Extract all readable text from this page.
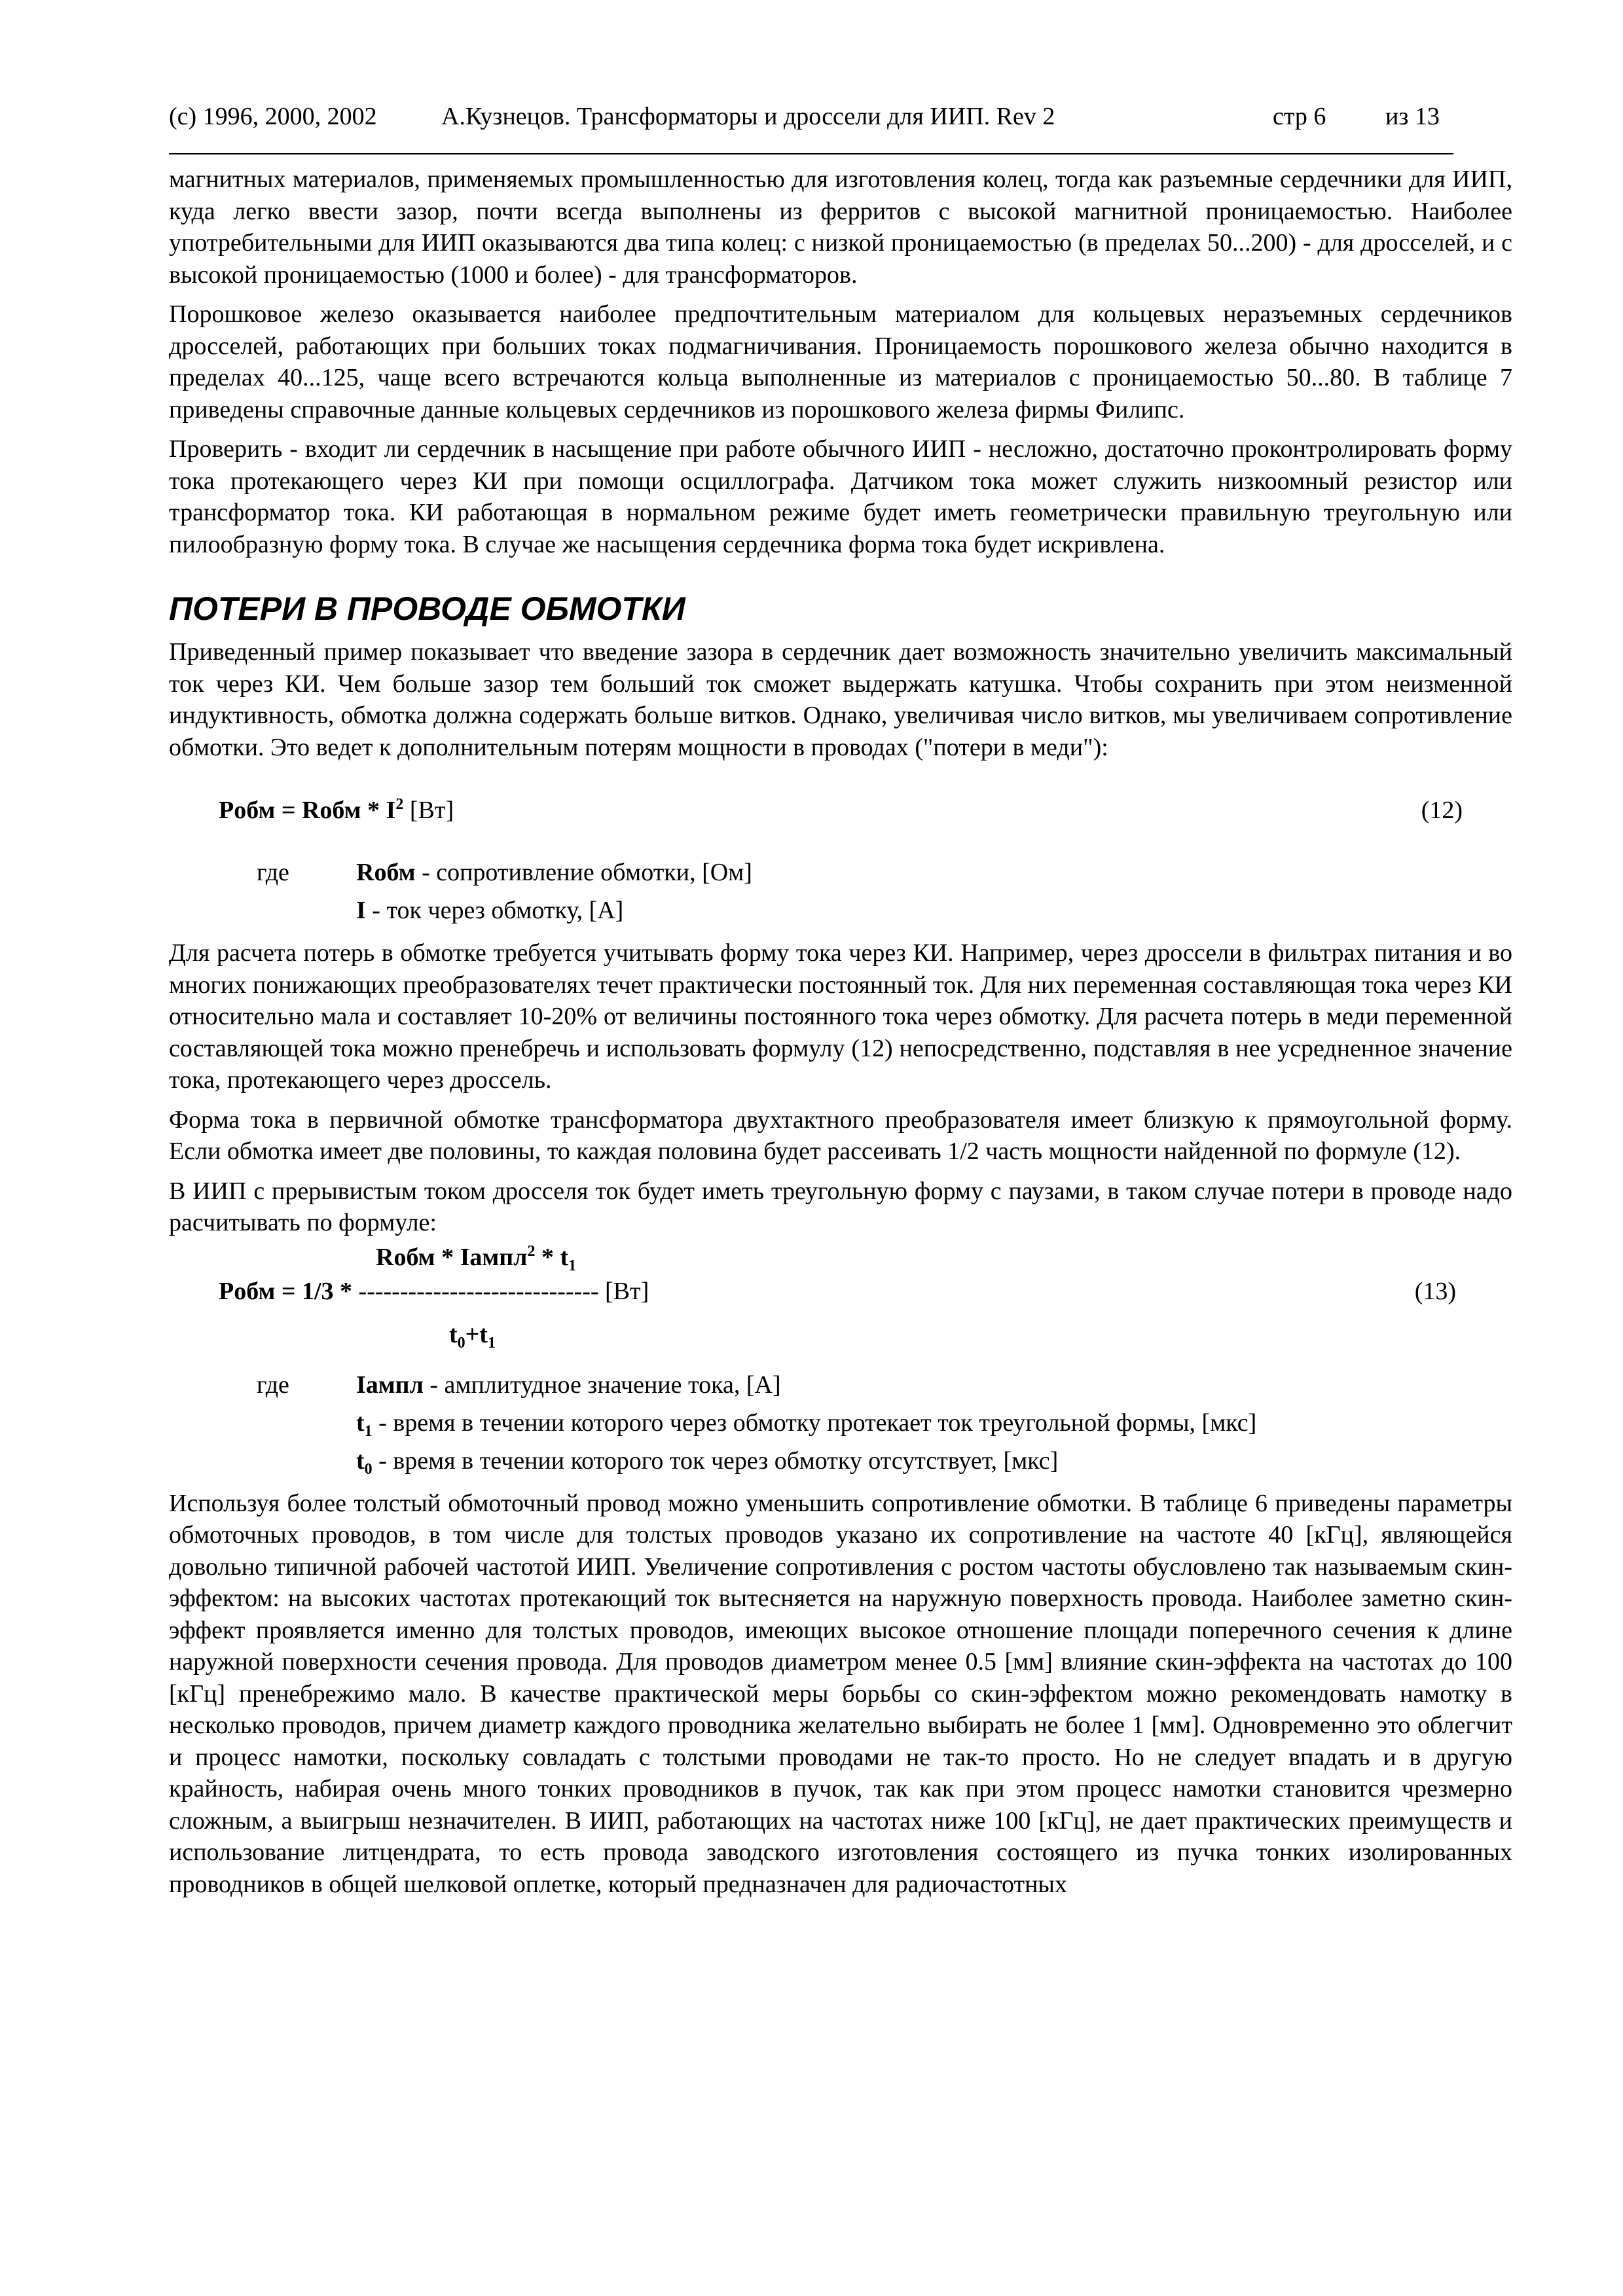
(c) 1996, 2000, 2002	А.Кузнецов. Трансформаторы и дроссели для ИИП. Rev 2	стр 6 из 13

магнитных материалов, применяемых промышленностью для изготовления колец, тогда как разъемные сердечники для ИИП, куда легко ввести зазор, почти всегда выполнены из ферритов с высокой магнитной проницаемостью. Наиболее употребительными для ИИП оказываются два типа колец: с низкой проницаемостью (в пределах 50...200) - для дросселей, и с высокой проницаемостью (1000 и более) - для трансформаторов.

Порошковое железо оказывается наиболее предпочтительным материалом для кольцевых неразъемных сердечников дросселей, работающих при больших токах подмагничивания. Проницаемость порошкового железа обычно находится в пределах 40...125, чаще всего встречаются кольца выполненные из материалов с проницаемостью 50...80. В таблице 7 приведены справочные данные кольцевых сердечников из порошкового железа фирмы Филипс.

Проверить - входит ли сердечник в насыщение при работе обычного ИИП - несложно, достаточно проконтролировать форму тока протекающего через КИ при помощи осциллографа. Датчиком тока может служить низкоомный резистор или трансформатор тока. КИ работающая в нормальном режиме будет иметь геометрически правильную треугольную или пилообразную форму тока. В случае же насыщения сердечника форма тока будет искривлена.

ПОТЕРИ В ПРОВОДЕ ОБМОТКИ

Приведенный пример показывает что введение зазора в сердечник дает возможность значительно увеличить максимальный ток через КИ. Чем больше зазор тем больший ток сможет выдержать катушка. Чтобы сохранить при этом неизменной индуктивность, обмотка должна содержать больше витков. Однако, увеличивая число витков, мы увеличиваем сопротивление обмотки. Это ведет к дополнительным потерям мощности в проводах ("потери в меди"):

Pобм = Rобм * $I^2$ [Вт]	(12)
где	Rобм - сопротивление обмотки, [Ом]
I - ток через обмотку, [А]

Для расчета потерь в обмотке требуется учитывать форму тока через КИ. Например, через дроссели в фильтрах питания и во многих понижающих преобразователях течет практически постоянный ток. Для них переменная составляющая тока через КИ относительно мала и составляет 10-20% от величины постоянного тока через обмотку. Для расчета потерь в меди переменной составляющей тока можно пренебречь и использовать формулу (12) непосредственно, подставляя в нее усредненное значение тока, протекающего через дроссель.

Форма тока в первичной обмотке трансформатора двухтактного преобразователя имеет близкую к прямоугольной форму. Если обмотка имеет две половины, то каждая половина будет рассеивать 1/2 часть мощности найденной по формуле (12).

В ИИП с прерывистым током дросселя ток будет иметь треугольную форму с паузами, в таком случае потери в проводе надо расчитывать по формуле:

Rобм * Iампл$^2$ * $t_1$
Pобм = 1/3 * ----------------------------- [Вт]
$t_0+t_1$
(13)
где	Iампл - амплитудное значение тока, [А]
$t_1$ - время в течении которого через обмотку протекает ток треугольной формы, [мкс]
$t_0$ - время в течении которого ток через обмотку отсутствует, [мкс]

Используя более толстый обмоточный провод можно уменьшить сопротивление обмотки. В таблице 6 приведены параметры обмоточных проводов, в том числе для толстых проводов указано их сопротивление на частоте 40 [кГц], являющейся довольно типичной рабочей частотой ИИП. Увеличение сопротивления с ростом частоты обусловлено так называемым скин-эффектом: на высоких частотах протекающий ток вытесняется на наружную поверхность провода. Наиболее заметно скин-эффект проявляется именно для толстых проводов, имеющих высокое отношение площади поперечного сечения к длине наружной поверхности сечения провода. Для проводов диаметром менее 0.5 [мм] влияние скин-эффекта на частотах до 100 [кГц] пренебрежимо мало. В качестве практической меры борьбы со скин-эффектом можно рекомендовать намотку в несколько проводов, причем диаметр каждого проводника желательно выбирать не более 1 [мм]. Одновременно это облегчит и процесс намотки, поскольку совладать с толстыми проводами не так-то просто. Но не следует впадать и в другую крайность, набирая очень много тонких проводников в пучок, так как при этом процесс намотки становится чрезмерно сложным, а выигрыш незначителен. В ИИП, работающих на частотах ниже 100 [кГц], не дает практических преимуществ и использование литцендрата, то есть провода заводского изготовления состоящего из пучка тонких изолированных проводников в общей шелковой оплетке, который предназначен для радиочастотных
